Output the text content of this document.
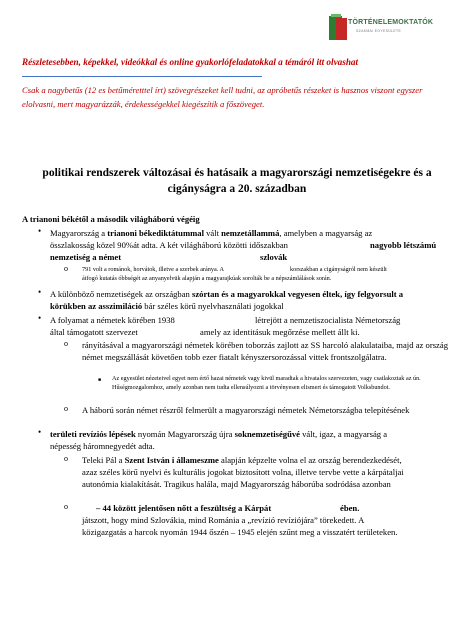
TÖRTÉNELEMOKTATÓK
SZAKMAI EGYESÜLETE
Részletesebben, képekkel, videókkal és online gyakorlófeladatokkal a témáról itt olvashat
Csak a nagybetűs (12 es betűméretttel írt) szövegrészeket kell tudni, az apróbetűs részeket is hasznos viszont egyszer elolvasni, mert magyarázzák, érdekességekkel kiegészítik a főszöveget.
politikai rendszerek változásai és hatásaik a magyarországi nemzetiségekre és a cigányságra a 20. században
A trianoni békétől a második világháború végéig
• Magyarország a trianoni békediktátummal vált nemzetállammá, amelyben a magyarság az
összlakosság közel 90%át adta. A két világháború közötti időszakban	nagyobb létszámú
nemzetiség a német	szlovák
o 791 volt a románok, horvátok, illetve a szerbek aránya. A	korszakban a cigányságról nem készült
átfogó kutatás óbbségét az anyanyelvük alapján a magyarajkúak sorolták be a népszámlálások során.
• A különböző nemzetiségek az országban szórtan és a magyarokkal vegyesen éltek, így felgyorsult a
körükben az asszimiláció bár széles körű nyelvhasználati jogokkal
• A folyamat a németek körében 1938	létrejött a nemzetiszocialista Németország
által támogatott szervezet	amely az identitásuk megőrzése mellett állt ki.
o rányításával a magyarországi németek körében toborzás zajlott az SS harcoló alakulataiba, majd az ország német megszállását követően tobb ezer fiatalt kényszersorozással vittek frontszolgálatra.
■ Az egyesület nézeteivel egyet nem értő hazai németek vagy kivül maradtak a hivatalos szervezeten, vagy csatlakoztak az ún. Hűségmozgalomhoz, amely azonban nem tudta ellensúlyozni a törvényesen elismert és támogatott Volksbundot.
o A háború során német részről felmerült a magyarországi németek Németországba telepítésének
• területi revíziós lépések nyomán Magyarország újra soknemzetiségűvé vált, igaz, a magyarság a
népesség háromnegyedét adta.
o Teleki Pál a Szent István i állameszme alapján képzelte volna el az ország berendezkedését,
azaz széles körű nyelvi és kulturális jogokat biztosított volna, illetve tervbe vette a kárpátaljai
autonómia kialakítását. Tragikus halála, majd Magyarország háborúba sodródása azonban
o	– 44 között jelentősen nőtt a feszültség a Kárpát	ében.
játszott, hogy mind Szlovákia, mind Románia a „revízió revíziójára” törekedett. A
közigazgatás a harcok nyomán 1944 őszén – 1945 elején szűnt meg a visszatért területeken.
